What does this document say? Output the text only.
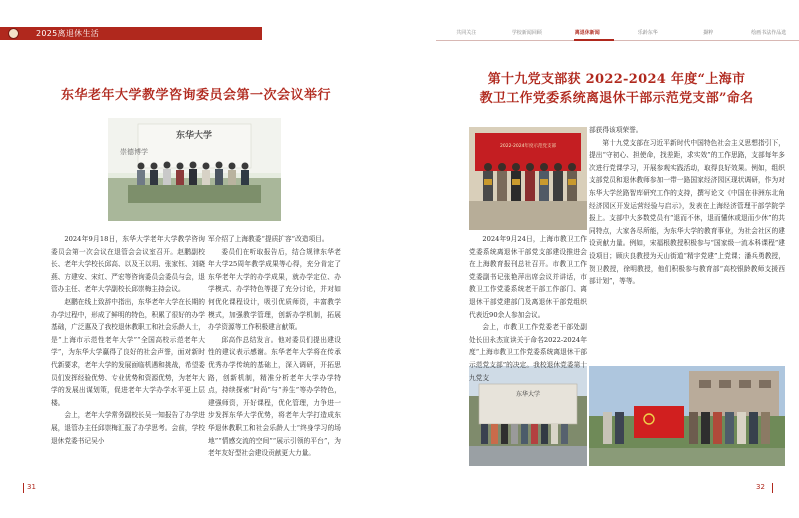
2025离退休生活	共同关注	学校新闻回顾	离退休新闻	乐龄东华	撷粹	绘画书法作品选
东华老年大学教学咨询委员会第一次会议举行
第十九党支部获 2022-2024 年度“上海市
教卫工作党委系统离退休干部示范党支部”命名
东华大学
崇德博学
2022-2024年度示范党支部
东华大学

2024年9月18日，东华大学老年大学教学咨询委员会第一次会议在退管会会议室召开。赵鹏副校长、老年大学校长邱高、以及王以玥、张家钰、刘晓燕、方建安、宋红、严宏等咨询委员会委员与会，退管办主任、老年大学副校长邱崇梅主持会议。

赵鹏在线上致辞中指出，东华老年大学在长期的办学过程中，形成了鲜明的特色，积累了很好的办学基础，广泛惠及了我校退休教职工和社会乐龄人士，是“上海市示范性老年大学”“全国高校示范老年大学”，为东华大学赢得了良好的社会声誉，面对新时代新要求，老年大学的发展面临机遇和挑战，希望委员们发挥经验优势、专业优势和资源优势，为老年大学的发展出谋划策，促进老年大学办学水平更上层楼。

会上，老年大学常务副校长吴一知报告了办学进展，退管办主任邱崇梅汇报了办学思考。会前，学校退休党委书记吴小

军介绍了上海教委“提质扩容”改造项目。

委员们在听取报告后，结合规律东华老年大学25周年教学成果等心得，充分肯定了东华老年大学的办学成果，就办学定位、办学模式、办学特色等提了充分讨论，并对如何优化课程设计，吸引优质师资，丰富教学模式，加强教学管理，创新办学机制，拓展办学资源等工作积极建言献策。

邱高作总结发言。他对委员们提出建设性的建议表示感谢。东华老年大学将在传承优秀办学传统的基础上，深入调研，开拓思路，创新机制，精准分析老年大学办学特点，持续探索“时尚”与“养生”等办学特色，建强师资，开好课程，优化管理，力争进一步发挥东华大学优势，将老年大学打造成东华退休教职工和社会乐龄人士“终身学习的场地”“情感交流的空间”“展示引领的平台”，为老年友好型社会建设贡献更大力量。

2024年9月24日，上海市教卫工作党委系统离退休干部党支部建设推进会在上海教育报刊总社召开。市教卫工作党委副书记张艳萍出席会议并讲话，市教卫工作党委系统老干部工作部门、离退休干部党建部门及离退休干部党组织代表近90余人参加会议。

会上，市教卫工作党委老干部处副处长田永杰宣读关于命名2022-2024年度“上海市教卫工作党委系统离退休干部示范党支部”的决定。我校退休党委第十九党支

部获得该项荣誉。

第十九党支部在习近平新时代中国特色社会主义思想指引下，提出“守初心、担使命，找差距，求实效”的工作思路，支部每年多次进行党课学习，开展参观实践活动，取得良好效果。例如，组织支部党员和退休教师参加一带一路国家经济园区现状调研，作为对东华大学丝路智库研究工作的支持，撰写论文《中国在非洲东北角经济园区开发运营经验与启示》，发表在上海经济管理干部学院学报上。支部中大多数党员有“退而不休，退而懂休或退而少休”的共同特点，大家各尽所能，为东华大学的教育事业，为社会社区的建设贡献力量。例如，宋福根教授积极参与“国家级一流本科课程”建设项目；顾庆良教授为天山街道“精宇党建”上党课；潘兵勇教授，贺卫教授，徐明教授，他们积极参与教育部“高校银龄教师支援西部计划”，等等。

31	32
